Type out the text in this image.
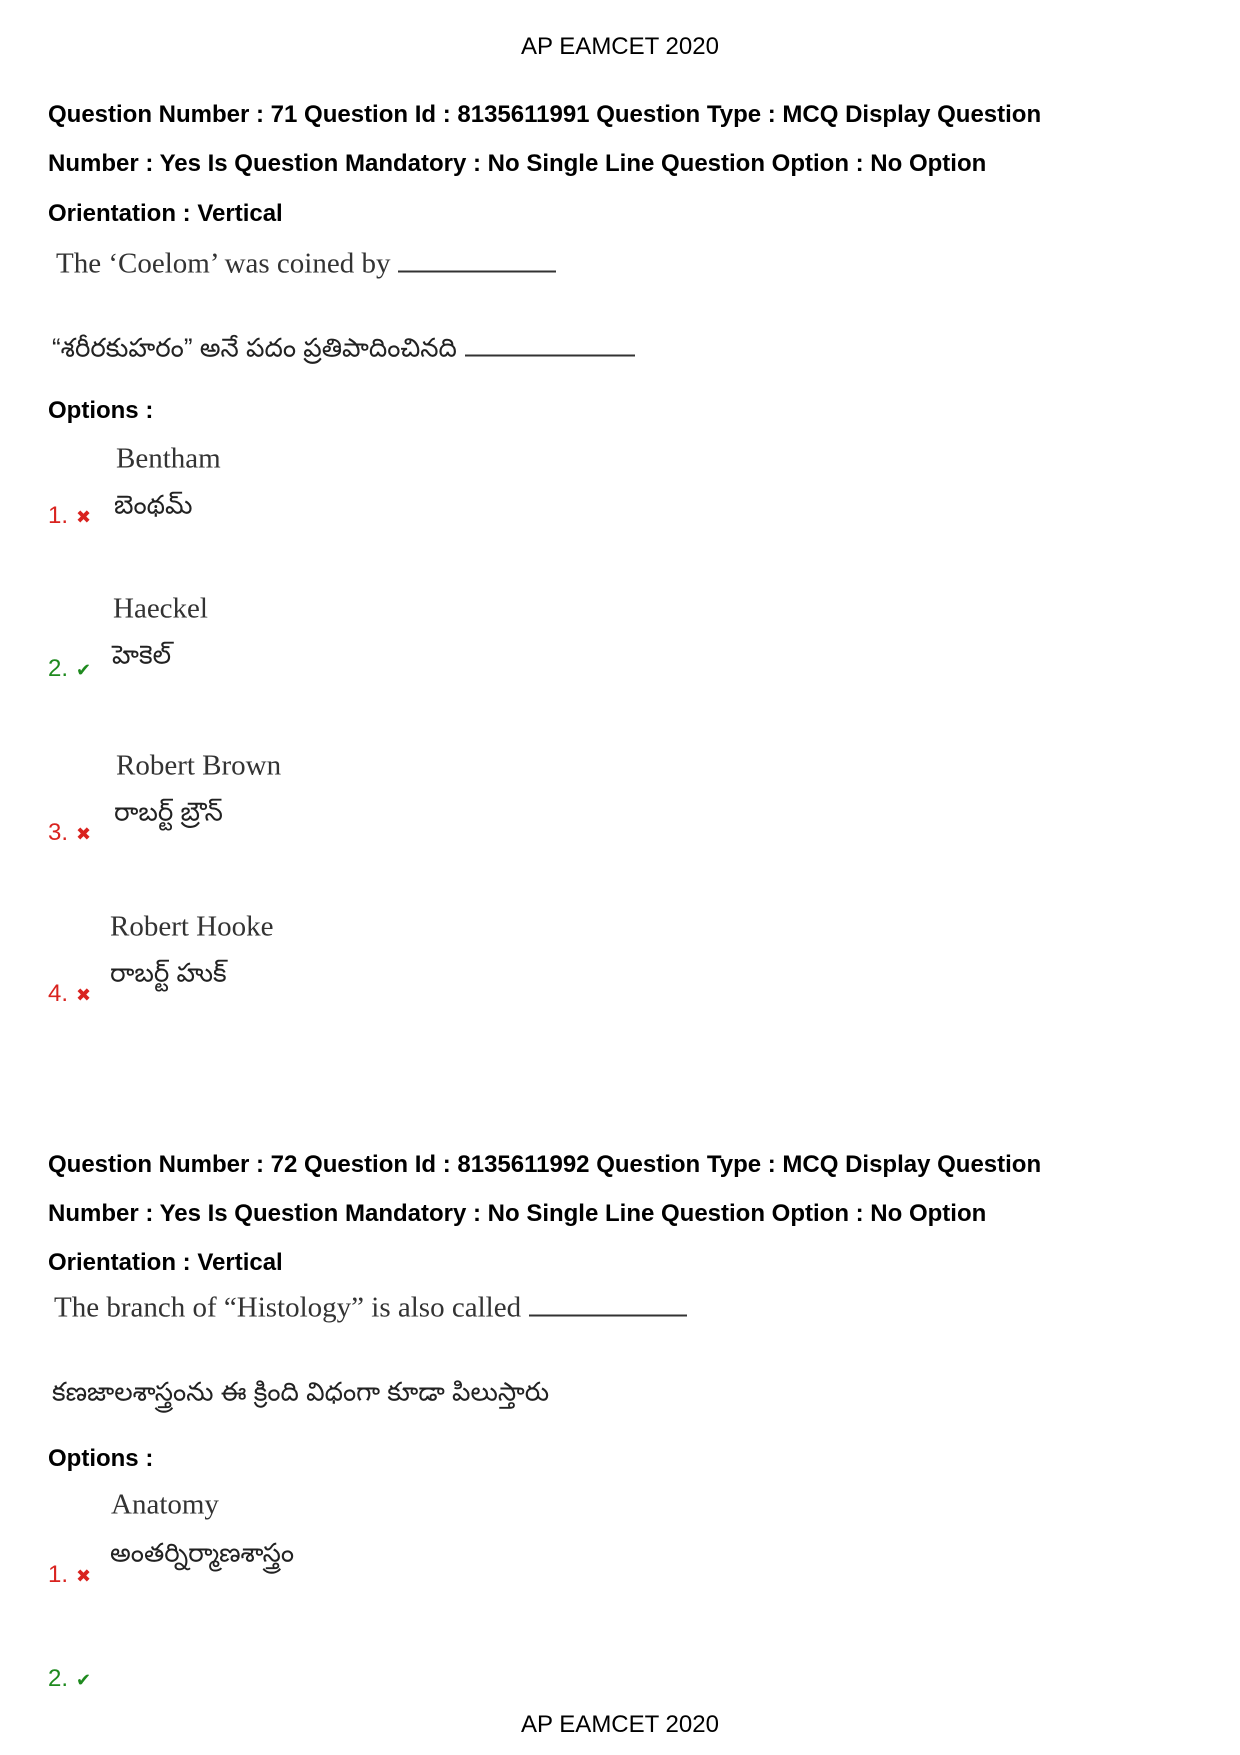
AP EAMCET 2020
Question Number : 71 Question Id : 8135611991 Question Type : MCQ Display Question
Number : Yes Is Question Mandatory : No Single Line Question Option : No Option
Orientation : Vertical
The ‘Coelom’ was coined by
“శరీరకుహరం” అనే పదం ప్రతిపాదించినది
Options :
Bentham
బెంథమ్
1. ✖
Haeckel
హెకెల్
2. ✔
Robert Brown
రాబర్ట్ బ్రౌన్
3. ✖
Robert Hooke
రాబర్ట్ హుక్
4. ✖
Question Number : 72 Question Id : 8135611992 Question Type : MCQ Display Question
Number : Yes Is Question Mandatory : No Single Line Question Option : No Option
Orientation : Vertical
The branch of “Histology” is also called
కణజాలశాస్త్రంను ఈ క్రింది విధంగా కూడా పిలుస్తారు
Options :
Anatomy
అంతర్నిర్మాణశాస్త్రం
1. ✖
2. ✔
AP EAMCET 2020
